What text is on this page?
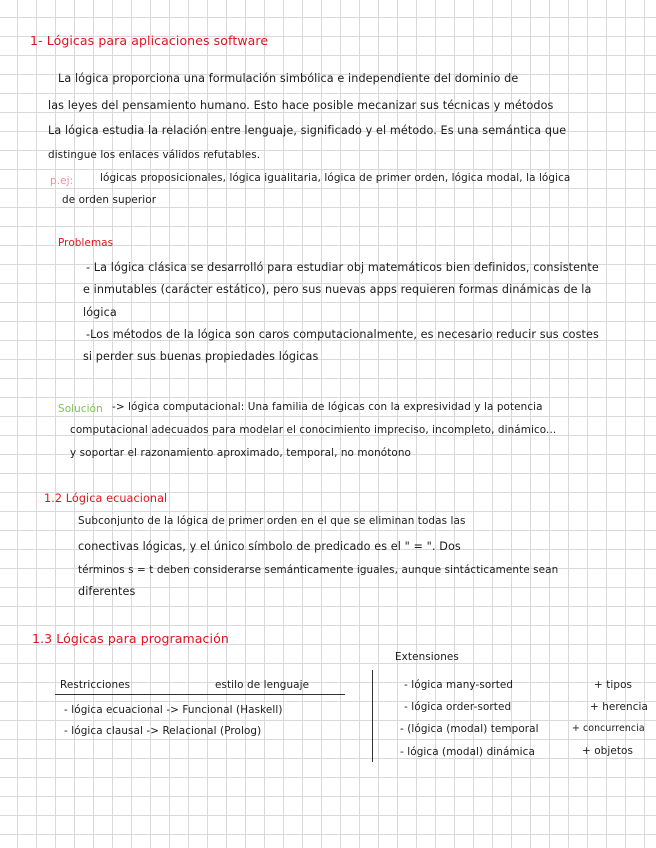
1- Lógicas para aplicaciones software
La lógica proporciona una formulación simbólica e independiente del dominio de
las leyes del pensamiento humano. Esto hace posible mecanizar sus técnicas y métodos
La lógica estudia la relación entre lenguaje, significado y el método. Es una semántica que
distingue los enlaces válidos refutables.
p.ej:	lógicas proposicionales, lógica igualitaria, lógica de primer orden, lógica modal, la lógica
de orden superior
Problemas
- La lógica clásica se desarrolló para estudiar obj matemáticos bien definidos, consistente
e inmutables (carácter estático), pero sus nuevas apps requieren formas dinámicas de la
lógica
-Los métodos de la lógica son caros computacionalmente, es necesario reducir sus costes
si perder sus buenas propiedades lógicas
Solución -> lógica computacional: Una familia de lógicas con la expresividad y la potencia
computacional adecuados para modelar el conocimiento impreciso, incompleto, dinámico...
y soportar el razonamiento aproximado, temporal, no monótono
1.2 Lógica ecuacional
Subconjunto de la lógica de primer orden en el que se eliminan todas las
conectivas lógicas, y el único símbolo de predicado es el " = ". Dos
términos s = t deben considerarse semánticamente iguales, aunque sintácticamente sean
diferentes
1.3 Lógicas para programación
Extensiones
Restricciones	estilo de lenguaje
- lógica ecuacional -> Funcional (Haskell)
- lógica clausal -> Relacional (Prolog)
- lógica many-sorted	+ tipos
- lógica order-sorted	+ herencia
- (lógica (modal) temporal	+ concurrencia
- lógica (modal) dinámica	+ objetos
